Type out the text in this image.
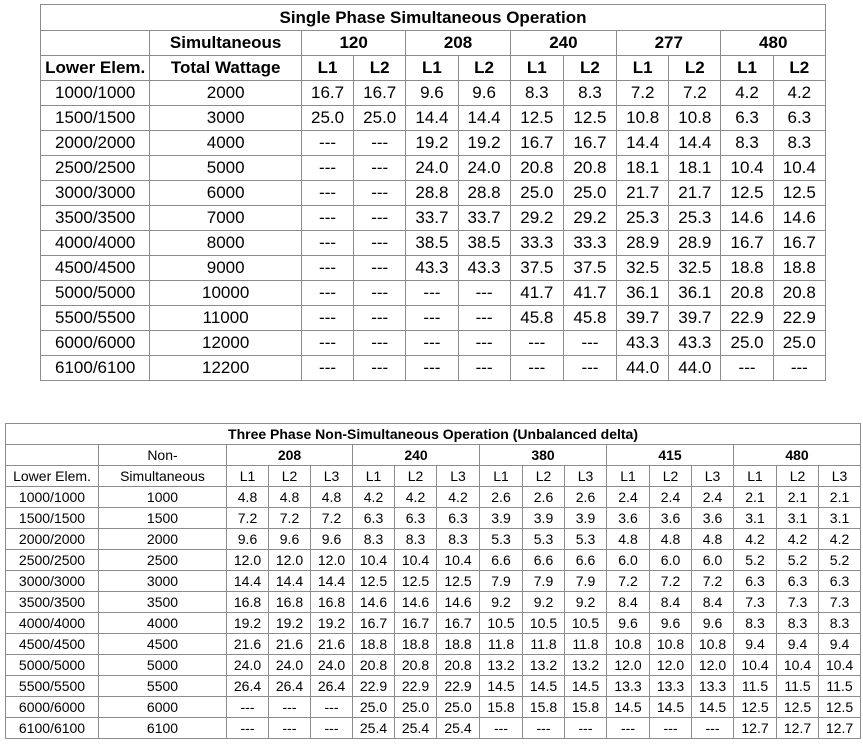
Single Phase Simultaneous Operation											
	Simultaneous	120		208		240		277		480	
Lower Elem.	Total Wattage	L1	L2	L1	L2	L1	L2	L1	L2	L1	L2
1000/1000	2000	16.7	16.7	9.6	9.6	8.3	8.3	7.2	7.2	4.2	4.2
1500/1500	3000	25.0	25.0	14.4	14.4	12.5	12.5	10.8	10.8	6.3	6.3
2000/2000	4000	---	---	19.2	19.2	16.7	16.7	14.4	14.4	8.3	8.3
2500/2500	5000	---	---	24.0	24.0	20.8	20.8	18.1	18.1	10.4	10.4
3000/3000	6000	---	---	28.8	28.8	25.0	25.0	21.7	21.7	12.5	12.5
3500/3500	7000	---	---	33.7	33.7	29.2	29.2	25.3	25.3	14.6	14.6
4000/4000	8000	---	---	38.5	38.5	33.3	33.3	28.9	28.9	16.7	16.7
4500/4500	9000	---	---	43.3	43.3	37.5	37.5	32.5	32.5	18.8	18.8
5000/5000	10000	---	---	---	---	41.7	41.7	36.1	36.1	20.8	20.8
5500/5500	11000	---	---	---	---	45.8	45.8	39.7	39.7	22.9	22.9
6000/6000	12000	---	---	---	---	---	---	43.3	43.3	25.0	25.0
6100/6100	12200	---	---	---	---	---	---	44.0	44.0	---	---
Three Phase Non-Simultaneous Operation (Unbalanced delta)																
	Non-	208			240			380			415			480		
Lower Elem.	Simultaneous	L1	L2	L3	L1	L2	L3	L1	L2	L3	L1	L2	L3	L1	L2	L3
1000/1000	1000	4.8	4.8	4.8	4.2	4.2	4.2	2.6	2.6	2.6	2.4	2.4	2.4	2.1	2.1	2.1
1500/1500	1500	7.2	7.2	7.2	6.3	6.3	6.3	3.9	3.9	3.9	3.6	3.6	3.6	3.1	3.1	3.1
2000/2000	2000	9.6	9.6	9.6	8.3	8.3	8.3	5.3	5.3	5.3	4.8	4.8	4.8	4.2	4.2	4.2
2500/2500	2500	12.0	12.0	12.0	10.4	10.4	10.4	6.6	6.6	6.6	6.0	6.0	6.0	5.2	5.2	5.2
3000/3000	3000	14.4	14.4	14.4	12.5	12.5	12.5	7.9	7.9	7.9	7.2	7.2	7.2	6.3	6.3	6.3
3500/3500	3500	16.8	16.8	16.8	14.6	14.6	14.6	9.2	9.2	9.2	8.4	8.4	8.4	7.3	7.3	7.3
4000/4000	4000	19.2	19.2	19.2	16.7	16.7	16.7	10.5	10.5	10.5	9.6	9.6	9.6	8.3	8.3	8.3
4500/4500	4500	21.6	21.6	21.6	18.8	18.8	18.8	11.8	11.8	11.8	10.8	10.8	10.8	9.4	9.4	9.4
5000/5000	5000	24.0	24.0	24.0	20.8	20.8	20.8	13.2	13.2	13.2	12.0	12.0	12.0	10.4	10.4	10.4
5500/5500	5500	26.4	26.4	26.4	22.9	22.9	22.9	14.5	14.5	14.5	13.3	13.3	13.3	11.5	11.5	11.5
6000/6000	6000	---	---	---	25.0	25.0	25.0	15.8	15.8	15.8	14.5	14.5	14.5	12.5	12.5	12.5
6100/6100	6100	---	---	---	25.4	25.4	25.4	---	---	---	---	---	---	12.7	12.7	12.7
